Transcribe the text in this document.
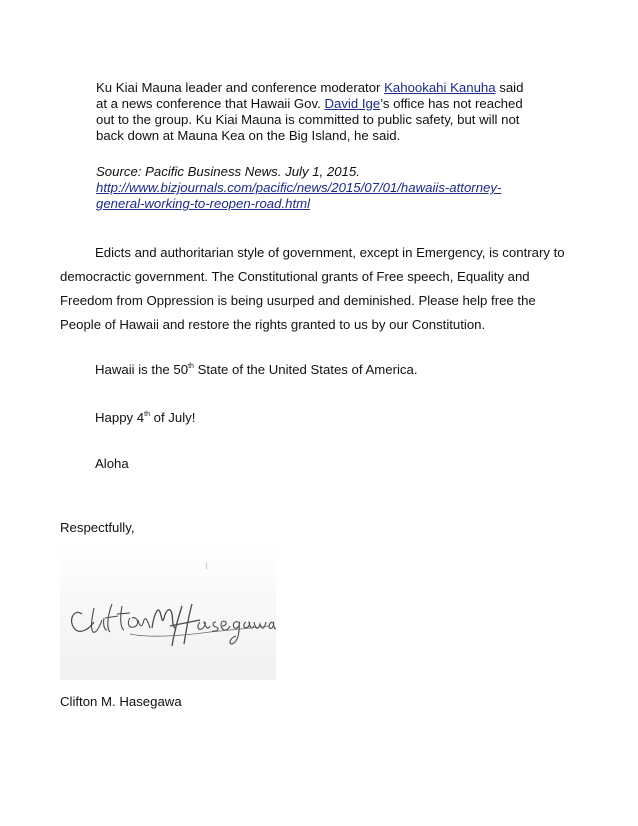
Ku Kiai Mauna leader and conference moderator Kahookahi Kanuha said
at a news conference that Hawaii Gov. David Ige’s office has not reached
out to the group. Ku Kiai Mauna is committed to public safety, but will not
back down at Mauna Kea on the Big Island, he said.
Source: Pacific Business News. July 1, 2015.
http://www.bizjournals.com/pacific/news/2015/07/01/hawaiis-attorney-
general-working-to-reopen-road.html
Edicts and authoritarian style of government, except in Emergency, is contrary to
democractic government. The Constitutional grants of Free speech, Equality and
Freedom from Oppression is being usurped and deminished. Please help free the
People of Hawaii and restore the rights granted to us by our Constitution.
Hawaii is the 50th State of the United States of America.
Happy 4th of July!
Aloha
Respectfully,
Clifton M. Hasegawa
